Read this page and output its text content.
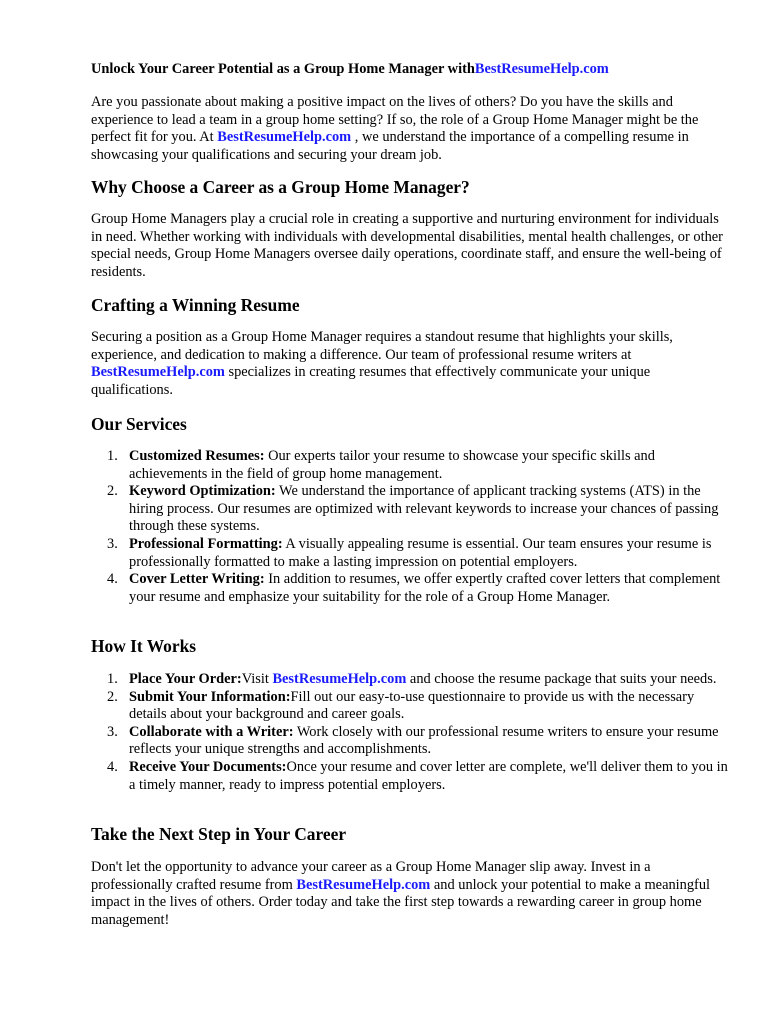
Unlock Your Career Potential as a Group Home Manager withBestResumeHelp.com

Are you passionate about making a positive impact on the lives of others? Do you have the skills and experience to lead a team in a group home setting? If so, the role of a Group Home Manager might be the perfect fit for you. At BestResumeHelp.com , we understand the importance of a compelling resume in showcasing your qualifications and securing your dream job.

Why Choose a Career as a Group Home Manager?

Group Home Managers play a crucial role in creating a supportive and nurturing environment for individuals in need. Whether working with individuals with developmental disabilities, mental health challenges, or other special needs, Group Home Managers oversee daily operations, coordinate staff, and ensure the well-being of residents.

Crafting a Winning Resume

Securing a position as a Group Home Manager requires a standout resume that highlights your skills, experience, and dedication to making a difference. Our team of professional resume writers at BestResumeHelp.com specializes in creating resumes that effectively communicate your unique qualifications.

Our Services
1. Customized Resumes: Our experts tailor your resume to showcase your specific skills and achievements in the field of group home management.
2. Keyword Optimization: We understand the importance of applicant tracking systems (ATS) in the hiring process. Our resumes are optimized with relevant keywords to increase your chances of passing through these systems.
3. Professional Formatting: A visually appealing resume is essential. Our team ensures your resume is professionally formatted to make a lasting impression on potential employers.
4. Cover Letter Writing: In addition to resumes, we offer expertly crafted cover letters that complement your resume and emphasize your suitability for the role of a Group Home Manager.
How It Works
1. Place Your Order:Visit BestResumeHelp.com and choose the resume package that suits your needs.
2. Submit Your Information:Fill out our easy-to-use questionnaire to provide us with the necessary details about your background and career goals.
3. Collaborate with a Writer: Work closely with our professional resume writers to ensure your resume reflects your unique strengths and accomplishments.
4. Receive Your Documents:Once your resume and cover letter are complete, we'll deliver them to you in a timely manner, ready to impress potential employers.
Take the Next Step in Your Career

Don't let the opportunity to advance your career as a Group Home Manager slip away. Invest in a professionally crafted resume from BestResumeHelp.com and unlock your potential to make a meaningful impact in the lives of others. Order today and take the first step towards a rewarding career in group home management!
